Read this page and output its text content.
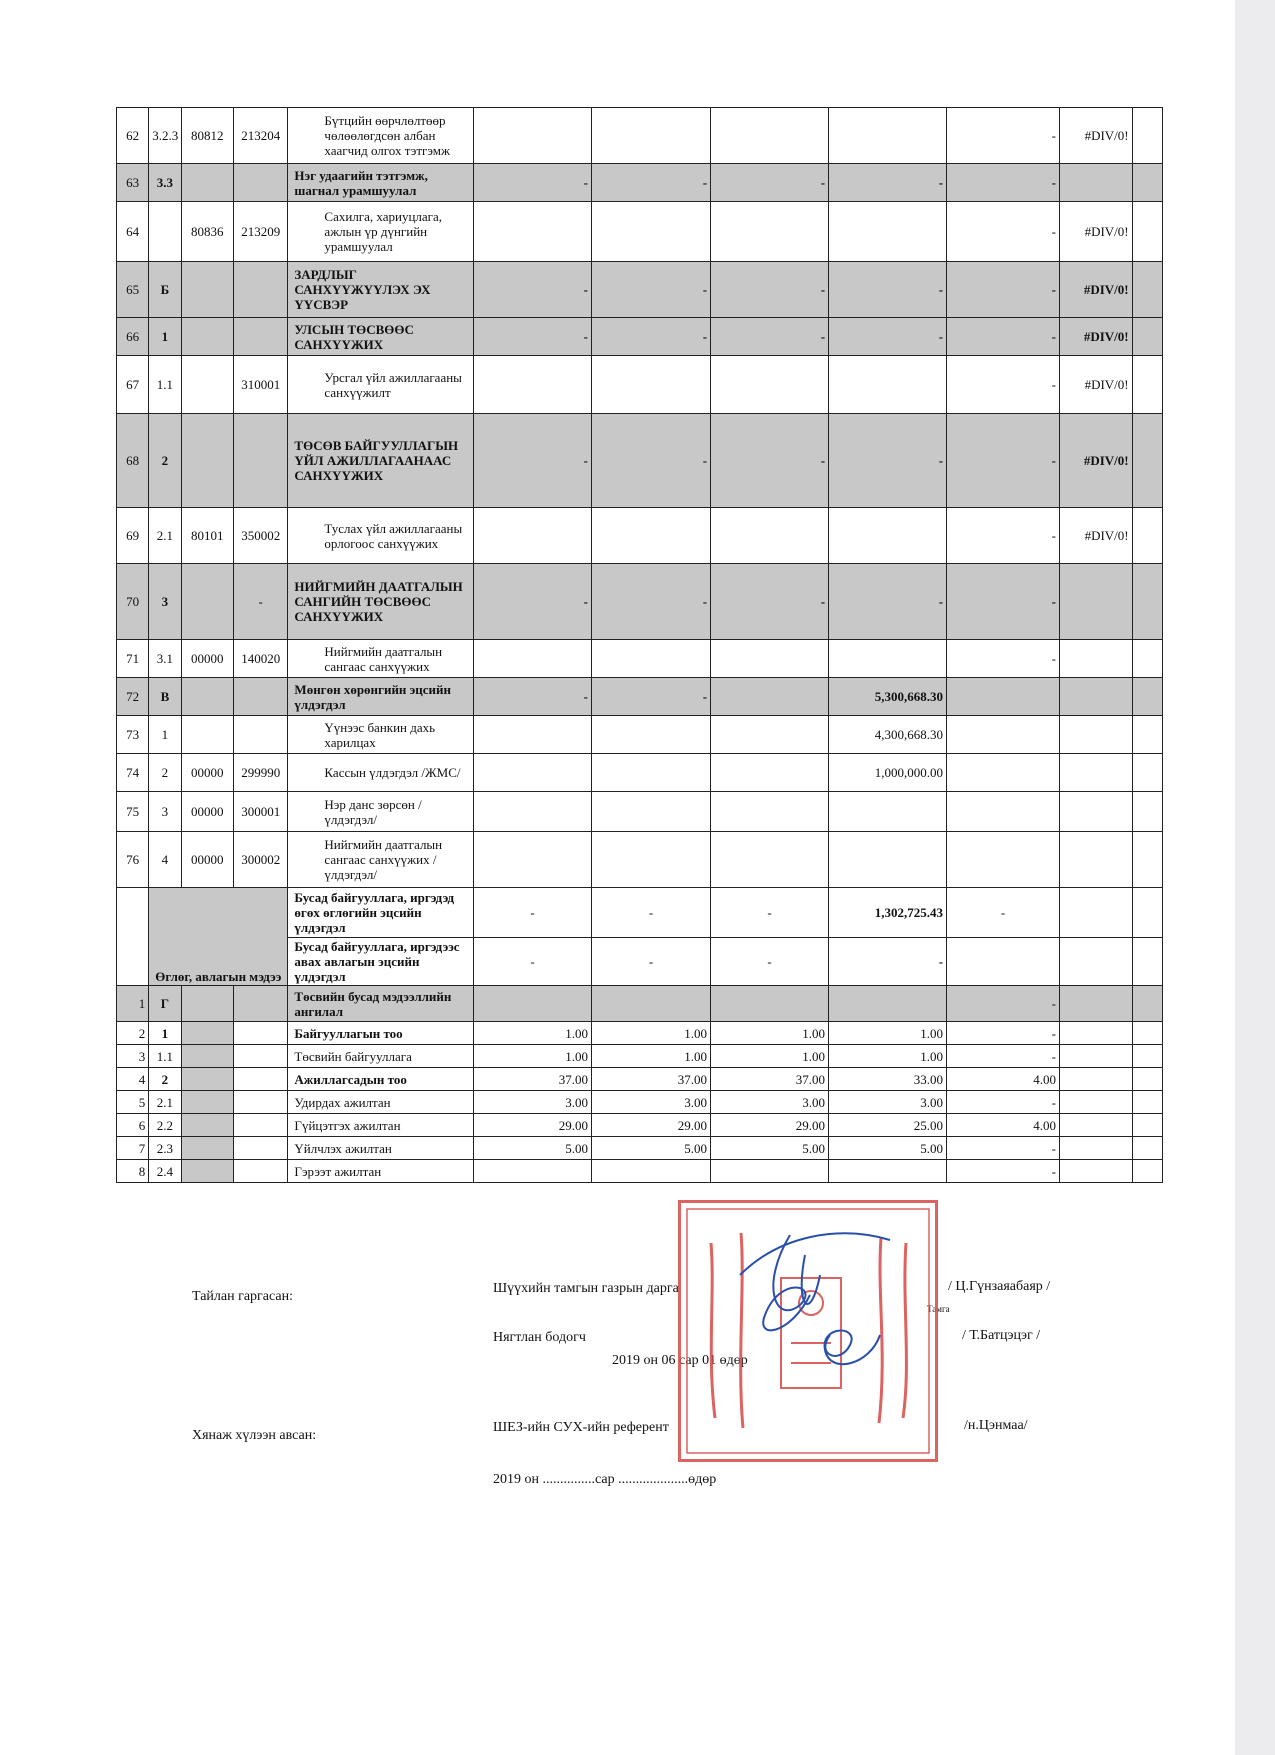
62	3.2.3	80812	213204	Бүтцийн өөрчлөлтөөр чөлөөлөгдсөн албан хаагчид олгох тэтгэмж					-	#DIV/0!	
63	3.3			Нэг удаагийн тэтгэмж, шагнал урамшуулал	-	-	-	-	-		
64		80836	213209	Сахилга, хариуцлага, ажлын үр дүнгийн урамшуулал					-	#DIV/0!	
65	Б			ЗАРДЛЫГ САНХҮҮЖҮҮЛЭХ ЭХ ҮҮСВЭР	-	-	-	-	-	#DIV/0!	
66	1			УЛСЫН ТӨСВӨӨС САНХҮҮЖИХ	-	-	-	-	-	#DIV/0!	
67	1.1		310001	Урсгал үйл ажиллагааны санхүүжилт					-	#DIV/0!	
68	2			ТӨСӨВ БАЙГУУЛЛАГЫН ҮЙЛ АЖИЛЛАГААНААС САНХҮҮЖИХ	-	-	-	-	-	#DIV/0!	
69	2.1	80101	350002	Туслах үйл ажиллагааны орлогоос санхүүжих					-	#DIV/0!	
70	3		-	НИЙГМИЙН ДААТГАЛЫН САНГИЙН ТӨСВӨӨС САНХҮҮЖИХ	-	-	-	-	-		
71	3.1	00000	140020	Нийгмийн даатгалын сангаас санхүүжих					-		
72	В			Мөнгөн хөрөнгийн эцсийн үлдэгдэл	-	-		5,300,668.30			
73	1			Үүнээс банкин дахь харилцах				4,300,668.30			
74	2	00000	299990	Кассын үлдэгдэл /ЖМС/				1,000,000.00			
75	3	00000	300001	Нэр данс зөрсөн /үлдэгдэл/							
76	4	00000	300002	Нийгмийн даатгалын сангаас санхүүжих /үлдэгдэл/							
	Өглөг, авлагын мэдээ			Бусад байгууллага, иргэдэд өгөх өглөгийн эцсийн үлдэгдэл	-	-	-	1,302,725.43	-		
				Бусад байгууллага, иргэдээс авах авлагын эцсийн үлдэгдэл	-	-	-	-			
1	Г			Төсвийн бусад мэдээллийн ангилал					-		
2	1			Байгууллагын тоо	1.00	1.00	1.00	1.00	-		
3	1.1			Төсвийн байгууллага	1.00	1.00	1.00	1.00	-		
4	2			Ажиллагсадын тоо	37.00	37.00	37.00	33.00	4.00		
5	2.1			Удирдах ажилтан	3.00	3.00	3.00	3.00	-		
6	2.2			Гүйцэтгэх ажилтан	29.00	29.00	29.00	25.00	4.00		
7	2.3			Үйлчлэх ажилтан	5.00	5.00	5.00	5.00	-		
8	2.4			Гэрээт ажилтан					-		
Тайлан гаргасан:
Шүүхийн тамгын газрын дарга	/ Ц.Гүнзаяабаяр /
Тамга
Нягтлан бодогч	/ Т.Батцэцэг /
2019 он 06 сар 01 өдөр
Хянаж хүлээн авсан:
ШЕЗ-ийн СУХ-ийн референт	/н.Цэнмаа/
2019 он ...............сар ....................өдөр
